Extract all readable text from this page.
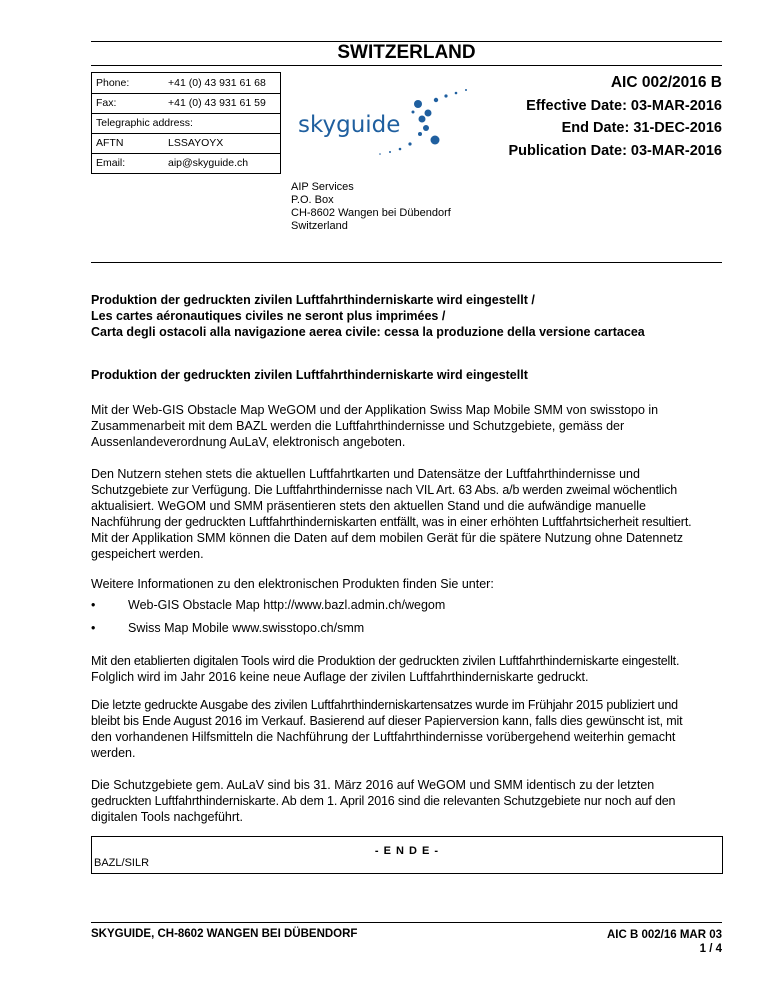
SWITZERLAND
Phone:	+41 (0) 43 931 61 68
Fax:	+41 (0) 43 931 61 59
Telegraphic address:
AFTN	LSSAYOYX
Email:	aip@skyguide.ch
skyguide
AIC 002/2016 B
Effective Date: 03-MAR-2016
End Date: 31-DEC-2016
Publication Date: 03-MAR-2016
AIP Services
P.O. Box
CH-8602 Wangen bei Dübendorf
Switzerland
Produktion der gedruckten zivilen Luftfahrthinderniskarte wird eingestellt /
Les cartes aéronautiques civiles ne seront plus imprimées /
Carta degli ostacoli alla navigazione aerea civile: cessa la produzione della versione cartacea
Produktion der gedruckten zivilen Luftfahrthinderniskarte wird eingestellt
Mit der Web-GIS Obstacle Map WeGOM und der Applikation Swiss Map Mobile SMM von swisstopo in
Zusammenarbeit mit dem BAZL werden die Luftfahrthindernisse und Schutzgebiete, gemäss der
Aussenlandeverordnung AuLaV, elektronisch angeboten.
Den Nutzern stehen stets die aktuellen Luftfahrtkarten und Datensätze der Luftfahrthindernisse und
Schutzgebiete zur Verfügung. Die Luftfahrthindernisse nach VIL Art. 63 Abs. a/b werden zweimal wöchentlich
aktualisiert. WeGOM und SMM präsentieren stets den aktuellen Stand und die aufwändige manuelle
Nachführung der gedruckten Luftfahrthinderniskarten entfällt, was in einer erhöhten Luftfahrtsicherheit resultiert.
Mit der Applikation SMM können die Daten auf dem mobilen Gerät für die spätere Nutzung ohne Datennetz
gespeichert werden.
Weitere Informationen zu den elektronischen Produkten finden Sie unter:
•	Web-GIS Obstacle Map http://www.bazl.admin.ch/wegom
•	Swiss Map Mobile www.swisstopo.ch/smm
Mit den etablierten digitalen Tools wird die Produktion der gedruckten zivilen Luftfahrthinderniskarte eingestellt.
Folglich wird im Jahr 2016 keine neue Auflage der zivilen Luftfahrthinderniskarte gedruckt.
Die letzte gedruckte Ausgabe des zivilen Luftfahrthinderniskartensatzes wurde im Frühjahr 2015 publiziert und
bleibt bis Ende August 2016 im Verkauf. Basierend auf dieser Papierversion kann, falls dies gewünscht ist, mit
den vorhandenen Hilfsmitteln die Nachführung der Luftfahrthindernisse vorübergehend weiterhin gemacht
werden.
Die Schutzgebiete gem. AuLaV sind bis 31. März 2016 auf WeGOM und SMM identisch zu der letzten
gedruckten Luftfahrthinderniskarte. Ab dem 1. April 2016 sind die relevanten Schutzgebiete nur noch auf den
digitalen Tools nachgeführt.
- E N D E -
BAZL/SILR
SKYGUIDE, CH-8602 WANGEN BEI DÜBENDORF	AIC B 002/16 MAR 03
1 / 4
